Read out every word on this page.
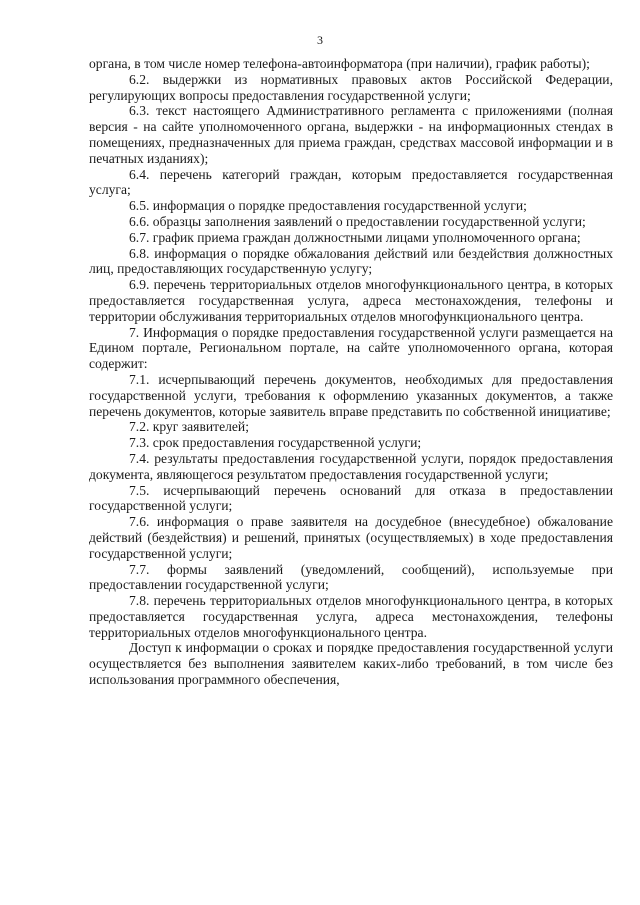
3

органа, в том числе номер телефона-автоинформатора (при наличии), график работы);

6.2. выдержки из нормативных правовых актов Российской Федерации, регулирующих вопросы предоставления государственной услуги;

6.3. текст настоящего Административного регламента с приложениями (полная версия - на сайте уполномоченного органа, выдержки - на информационных стендах в помещениях, предназначенных для приема граждан, средствах массовой информации и в печатных изданиях);

6.4. перечень категорий граждан, которым предоставляется государственная услуга;

6.5. информация о порядке предоставления государственной услуги;

6.6. образцы заполнения заявлений о предоставлении государственной услуги;

6.7. график приема граждан должностными лицами уполномоченного органа;

6.8. информация о порядке обжалования действий или бездействия должностных лиц, предоставляющих государственную услугу;

6.9. перечень территориальных отделов многофункционального центра, в которых предоставляется государственная услуга, адреса местонахождения, телефоны и территории обслуживания территориальных отделов многофункционального центра.

7. Информация о порядке предоставления государственной услуги размещается на Едином портале, Региональном портале, на сайте уполномоченного органа, которая содержит:

7.1. исчерпывающий перечень документов, необходимых для предоставления государственной услуги, требования к оформлению указанных документов, а также перечень документов, которые заявитель вправе представить по собственной инициативе;

7.2. круг заявителей;

7.3. срок предоставления государственной услуги;

7.4. результаты предоставления государственной услуги, порядок предоставления документа, являющегося результатом предоставления государственной услуги;

7.5. исчерпывающий перечень оснований для отказа в предоставлении государственной услуги;

7.6. информация о праве заявителя на досудебное (внесудебное) обжалование действий (бездействия) и решений, принятых (осуществляемых) в ходе предоставления государственной услуги;

7.7. формы заявлений (уведомлений, сообщений), используемые при предоставлении государственной услуги;

7.8. перечень территориальных отделов многофункционального центра, в которых предоставляется государственная услуга, адреса местонахождения, телефоны территориальных отделов многофункционального центра.

Доступ к информации о сроках и порядке предоставления государственной услуги осуществляется без выполнения заявителем каких-либо требований, в том числе без использования программного обеспечения,
